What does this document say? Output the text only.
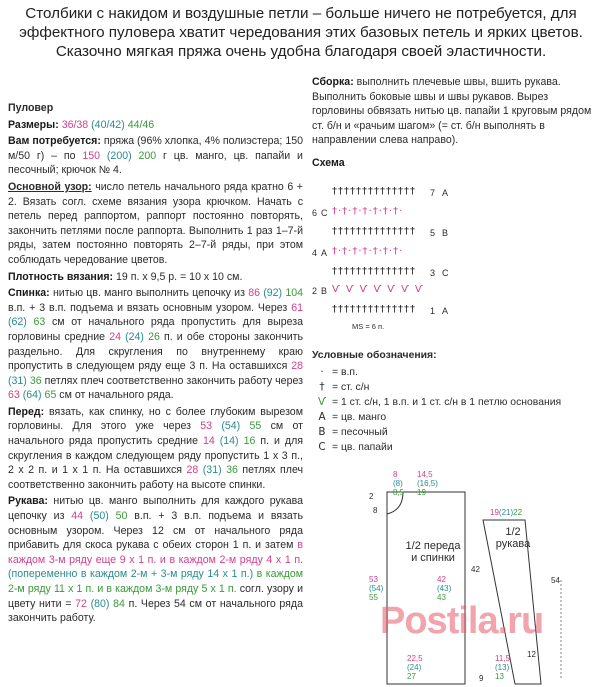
Столбики с накидом и воздушные петли – больше ничего не потребуется, для эффектного пуловера хватит чередования этих базовых петель и ярких цветов. Сказочно мягкая пряжа очень удобна благодаря своей эластичности.

Пуловер

Размеры: 36/38 (40/42) 44/46

Вам потребуется: пряжа (96% хлопка, 4% полиэстера; 150 м/50 г) – по 150 (200) 200 г цв. манго, цв. папайи и песочный; крючок № 4.

Основной узор: число петель начального ряда кратно 6 + 2. Вязать согл. схеме вязания узора крючком. Начать с петель перед раппортом, раппорт постоянно повторять, закончить петлями после раппорта. Выполнить 1 раз 1–7-й ряды, затем постоянно повторять 2–7-й ряды, при этом соблюдать чередование цветов.

Плотность вязания: 19 п. х 9,5 р. = 10 х 10 см.

Спинка: нитью цв. манго выполнить цепочку из 86 (92) 104 в.п. + 3 в.п. подъема и вязать основным узором. Через 61 (62) 63 см от начального ряда пропустить для выреза горловины средние 24 (24) 26 п. и обе стороны закончить раздельно. Для скругления по внутреннему краю пропустить в следующем ряду еще 3 п. На оставшихся 28 (31) 36 петлях плеч соответственно закончить работу через 63 (64) 65 см от начального ряда.

Перед: вязать, как спинку, но с более глубоким вырезом горловины. Для этого уже через 53 (54) 55 см от начального ряда пропустить средние 14 (14) 16 п. и для скругления в каждом следующем ряду пропустить 1 х 3 п., 2 х 2 п. и 1 х 1 п. На оставшихся 28 (31) 36 петлях плеч соответственно закончить работу на высоте спинки.

Рукава: нитью цв. манго выполнить для каждого рукава цепочку из 44 (50) 50 в.п. + 3 в.п. подъема и вязать основным узором. Через 12 см от начального ряда прибавить для скоса рукава с обеих сторон 1 п. и затем в каждом 3-м ряду еще 9 х 1 п. и в каждом 2-м ряду 4 х 1 п. (попеременно в каждом 2-м + 3-м ряду 14 х 1 п.) в каждом 2-м ряду 11 х 1 п. и в каждом 3-м ряду 5 х 1 п. согл. узору и цвету нити = 72 (80) 84 п. Через 54 см от начального ряда закончить работу.

Сборка: выполнить плечевые швы, вшить рукава. Выполнить боковые швы и швы рукавов. Вырез горловины обвязать нитью цв. папайи 1 круговым рядом ст. б/н и «рачьим шагом» (= ст. б/н выполнять в направлении слева направо).

Схема

†††††††††††††† 7 A
†·†·†·†·†·†·†·
6 C
†††††††††††††† 5 B
†·†·†·†·†·†·†·
4 A
†††††††††††††† 3 C
ѴѴѴѴѴѴѴ
2 B
†††††††††††††† 1 A
MS = 6 п.
Условные обозначения:
· = в.п.
† = ст. с/н
Ѵ = 1 ст. с/н, 1 в.п. и 1 ст. с/н в 1 петлю основания
A = цв. манго
B = песочный
C = цв. папайи
1/2 переда и спинки
1/2 рукава
8
(8)
8,5
14,5
(16,5)
19
2
8
53
(54)
55
42
42
(43)
43
54
19(21)22
12
22,5
(24)
27
11,5
(13)
13
9
Postila.ru
